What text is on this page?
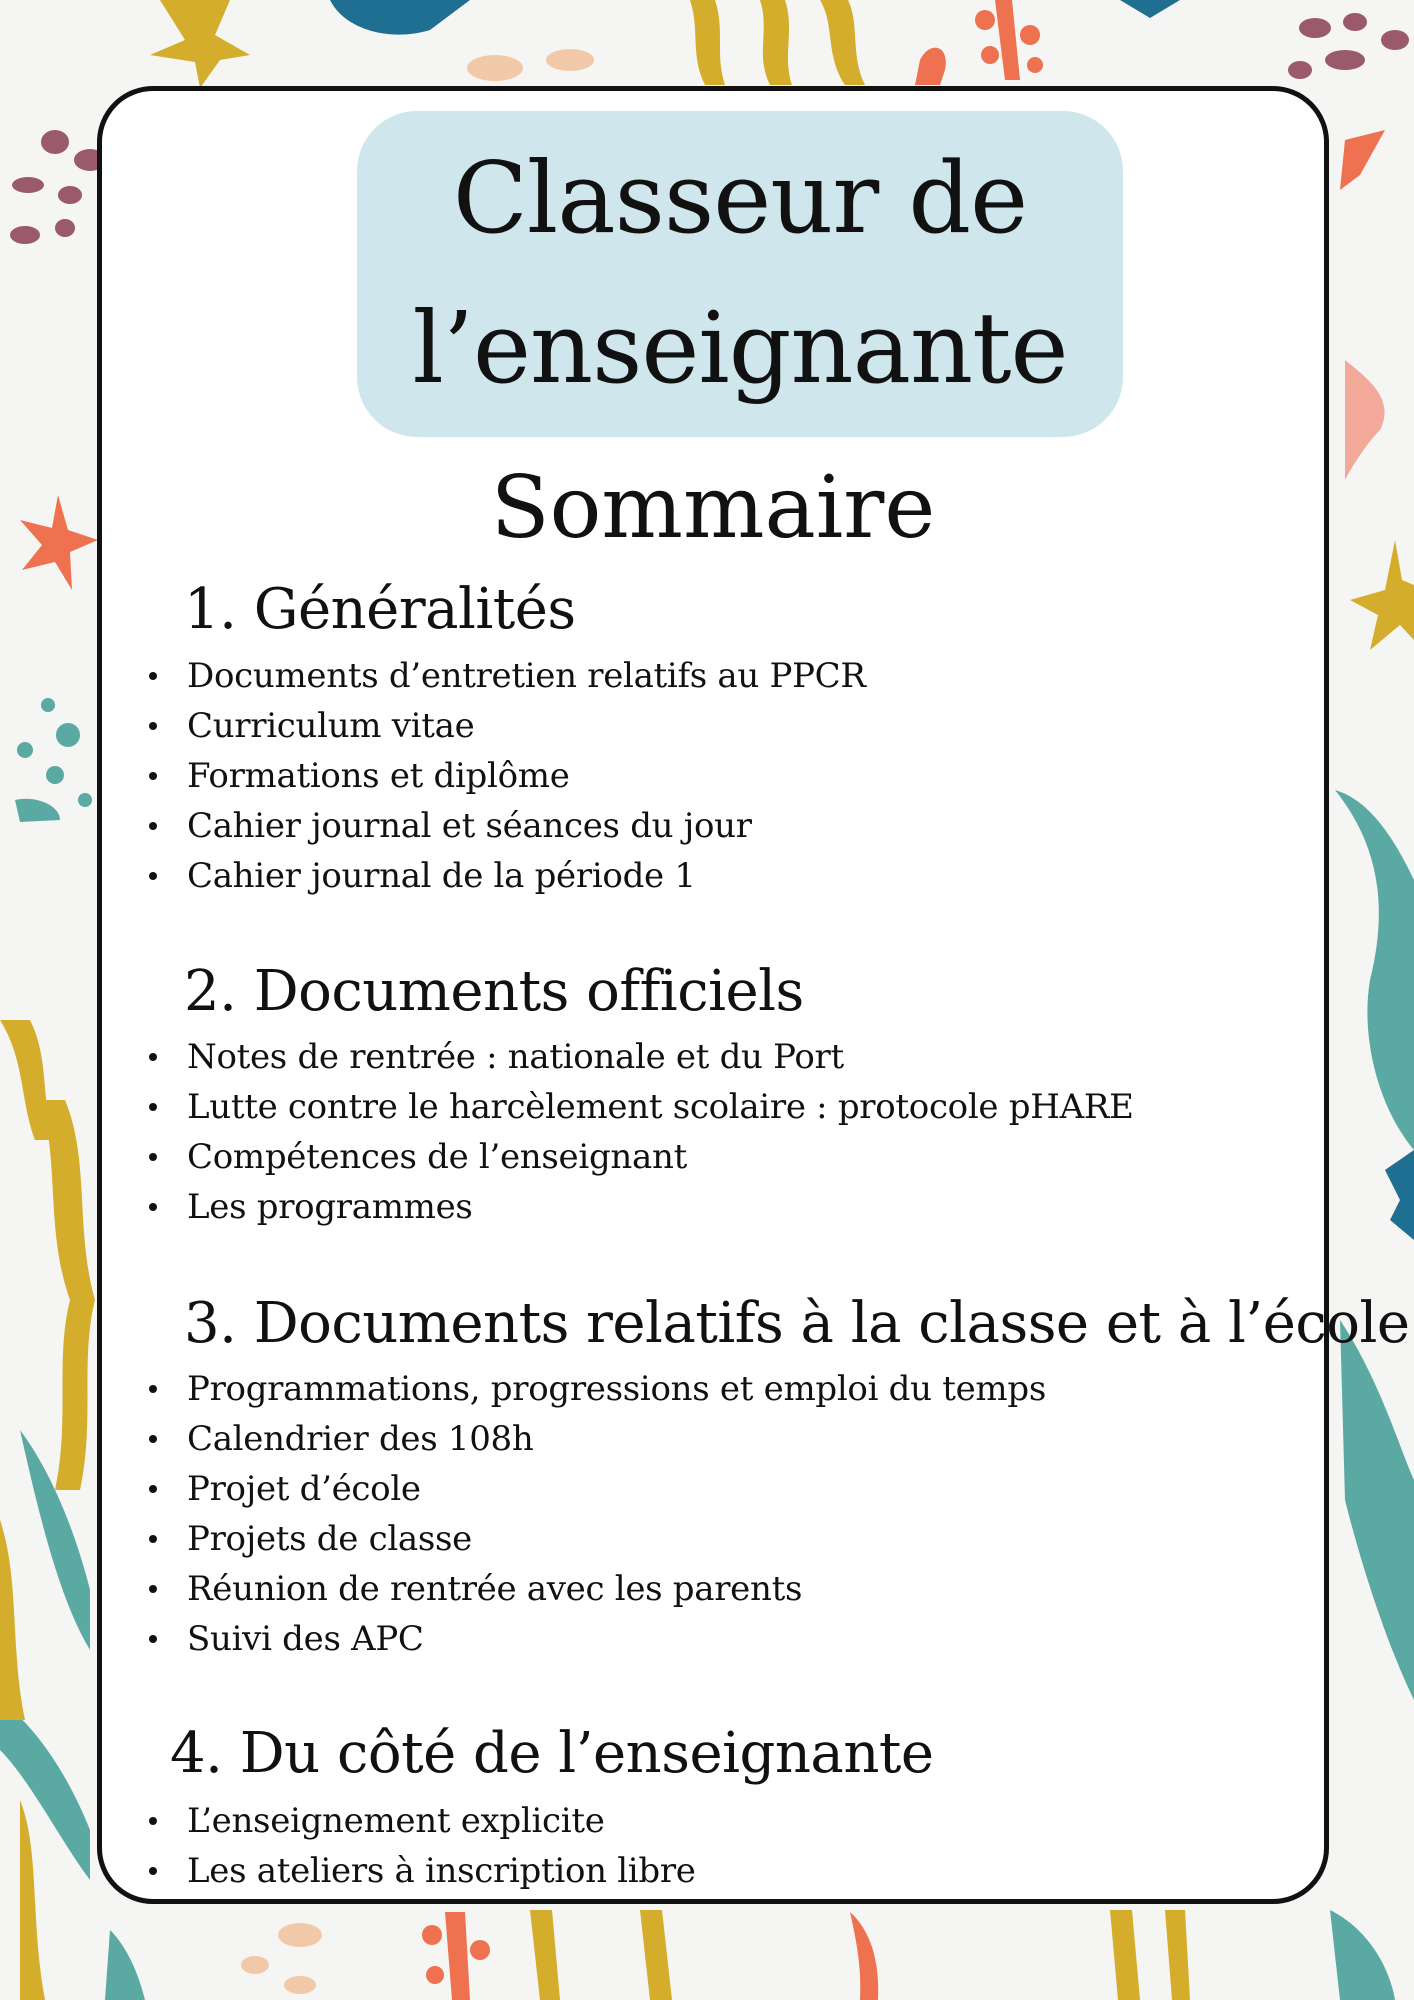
Classeur de
l’enseignante
Sommaire
1. Généralités
Documents d’entretien relatifs au PPCR
Curriculum vitae
Formations et diplôme
Cahier journal et séances du jour
Cahier journal de la période 1
2. Documents officiels
Notes de rentrée : nationale et du Port
Lutte contre le harcèlement scolaire : protocole pHARE
Compétences de l’enseignant
Les programmes
3. Documents relatifs à la classe et à l’école
Programmations, progressions et emploi du temps
Calendrier des 108h
Projet d’école
Projets de classe
Réunion de rentrée avec les parents
Suivi des APC
4. Du côté de l’enseignante
L’enseignement explicite
Les ateliers à inscription libre
